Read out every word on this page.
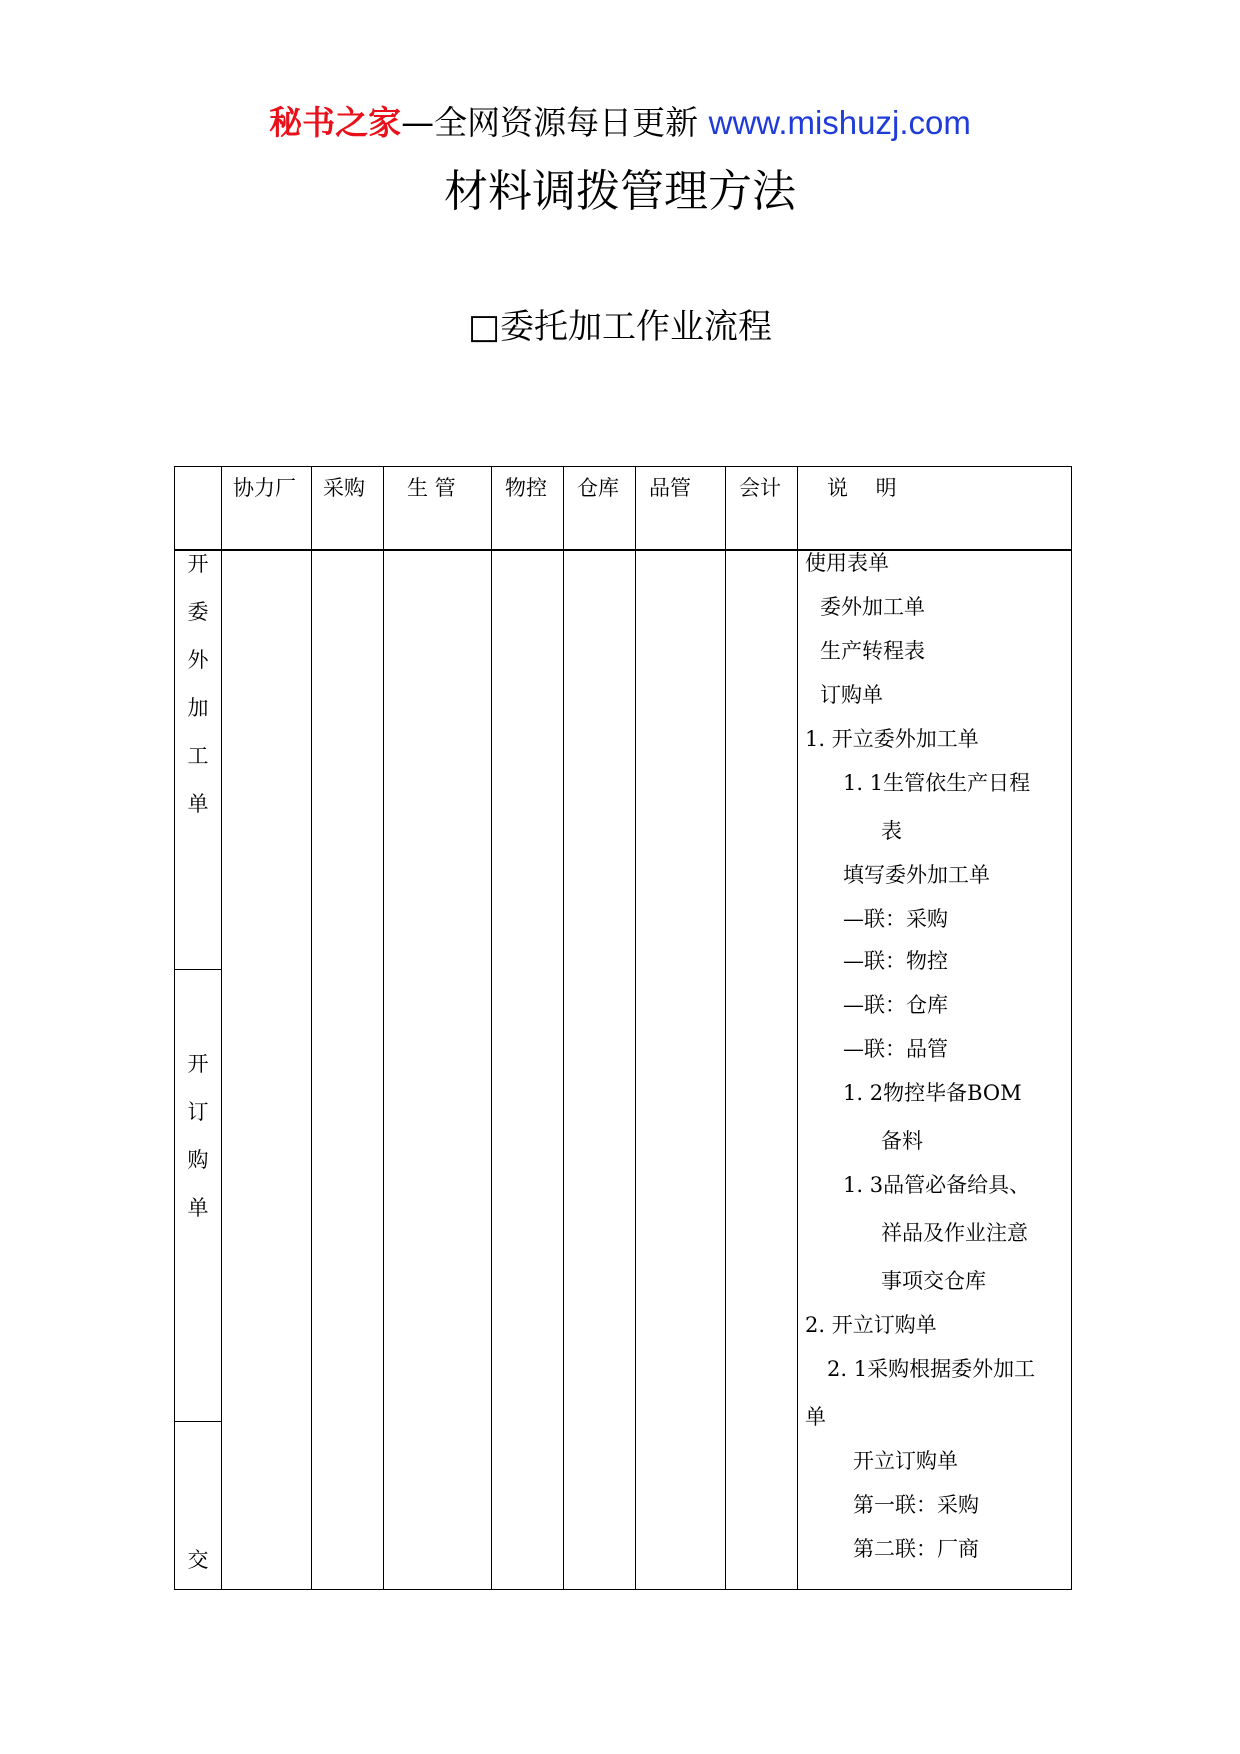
秘书之家—全网资源每日更新 www.mishuzj.com
材料调拨管理方法
□委托加工作业流程
协力厂 采购 生 管 物控 仓库 品管 会计 说　 明
开
委
外
加
工
单
开
订
购
单
交
使用表单
委外加工单
生产转程表
订购单
1. 开立委外加工单
1. 1生管依生产日程
表
填写委外加工单
—联：采购
—联：物控
—联：仓库
—联：品管
1. 2物控毕备BOM
备料
1. 3品管必备给具、
祥品及作业注意
事项交仓库
2. 开立订购单
2. 1采购根据委外加工
单
开立订购单
第一联：采购
第二联：厂商
